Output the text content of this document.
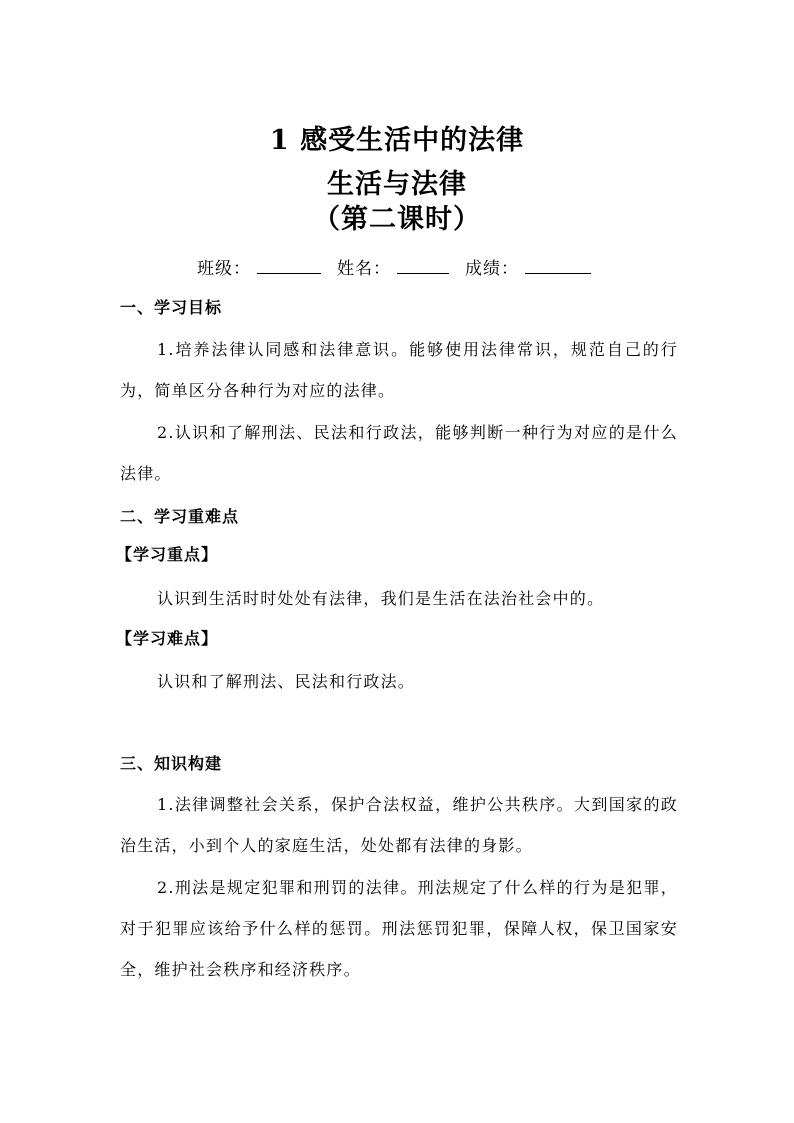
1 感受生活中的法律
生活与法律
（第二课时）
班级：	姓名：	成绩：
一、学习目标
1.培养法律认同感和法律意识。能够使用法律常识，规范自己的行为，简单区分各种行为对应的法律。
2.认识和了解刑法、民法和行政法，能够判断一种行为对应的是什么法律。
二、学习重难点
【学习重点】
认识到生活时时处处有法律，我们是生活在法治社会中的。
【学习难点】
认识和了解刑法、民法和行政法。
三、知识构建
1.法律调整社会关系，保护合法权益，维护公共秩序。大到国家的政治生活，小到个人的家庭生活，处处都有法律的身影。
2.刑法是规定犯罪和刑罚的法律。刑法规定了什么样的行为是犯罪，对于犯罪应该给予什么样的惩罚。刑法惩罚犯罪，保障人权，保卫国家安全，维护社会秩序和经济秩序。
